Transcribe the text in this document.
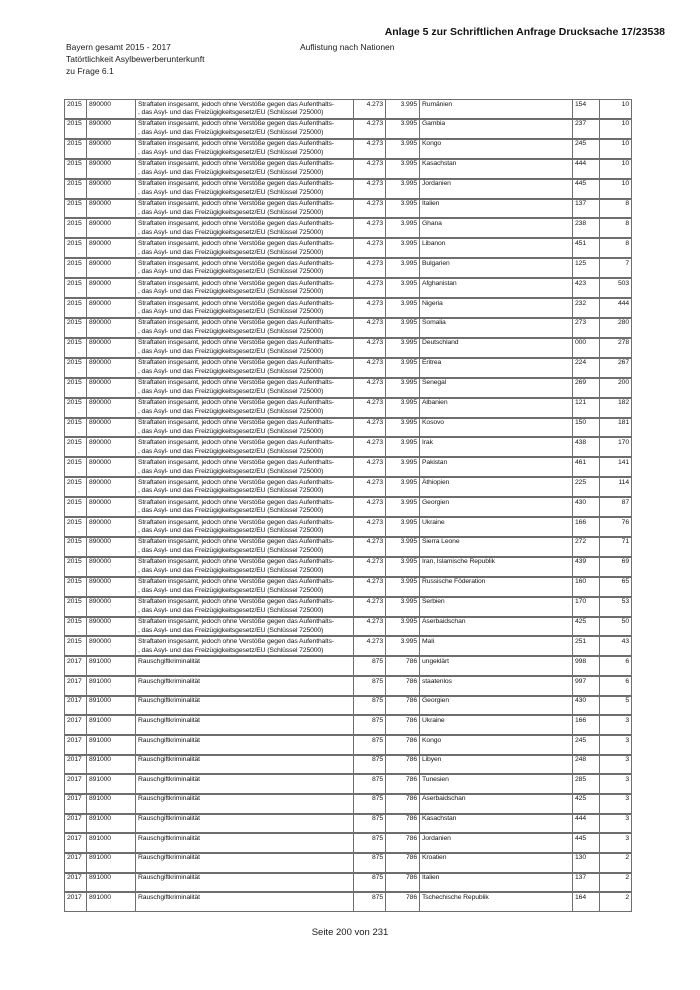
Anlage 5 zur Schriftlichen Anfrage Drucksache 17/23538
Bayern gesamt 2015 - 2017
Tatörtlichkeit Asylbewerberunterkunft
zu Frage 6.1
Auflistung nach Nationen
2015	890000	Straftaten insgesamt, jedoch ohne Verstöße gegen das Aufenthalts-
, das Asyl- und das Freizügigkeitsgesetz/EU (Schlüssel 725000)	4.273	3.995	Rumänien	154	10
2015	890000	Straftaten insgesamt, jedoch ohne Verstöße gegen das Aufenthalts-
, das Asyl- und das Freizügigkeitsgesetz/EU (Schlüssel 725000)	4.273	3.995	Gambia	237	10
2015	890000	Straftaten insgesamt, jedoch ohne Verstöße gegen das Aufenthalts-
, das Asyl- und das Freizügigkeitsgesetz/EU (Schlüssel 725000)	4.273	3.995	Kongo	245	10
2015	890000	Straftaten insgesamt, jedoch ohne Verstöße gegen das Aufenthalts-
, das Asyl- und das Freizügigkeitsgesetz/EU (Schlüssel 725000)	4.273	3.995	Kasachstan	444	10
2015	890000	Straftaten insgesamt, jedoch ohne Verstöße gegen das Aufenthalts-
, das Asyl- und das Freizügigkeitsgesetz/EU (Schlüssel 725000)	4.273	3.995	Jordanien	445	10
2015	890000	Straftaten insgesamt, jedoch ohne Verstöße gegen das Aufenthalts-
, das Asyl- und das Freizügigkeitsgesetz/EU (Schlüssel 725000)	4.273	3.995	Italien	137	8
2015	890000	Straftaten insgesamt, jedoch ohne Verstöße gegen das Aufenthalts-
, das Asyl- und das Freizügigkeitsgesetz/EU (Schlüssel 725000)	4.273	3.995	Ghana	238	8
2015	890000	Straftaten insgesamt, jedoch ohne Verstöße gegen das Aufenthalts-
, das Asyl- und das Freizügigkeitsgesetz/EU (Schlüssel 725000)	4.273	3.995	Libanon	451	8
2015	890000	Straftaten insgesamt, jedoch ohne Verstöße gegen das Aufenthalts-
, das Asyl- und das Freizügigkeitsgesetz/EU (Schlüssel 725000)	4.273	3.995	Bulgarien	125	7
2015	890000	Straftaten insgesamt, jedoch ohne Verstöße gegen das Aufenthalts-
, das Asyl- und das Freizügigkeitsgesetz/EU (Schlüssel 725000)	4.273	3.995	Afghanistan	423	503
2015	890000	Straftaten insgesamt, jedoch ohne Verstöße gegen das Aufenthalts-
, das Asyl- und das Freizügigkeitsgesetz/EU (Schlüssel 725000)	4.273	3.995	Nigeria	232	444
2015	890000	Straftaten insgesamt, jedoch ohne Verstöße gegen das Aufenthalts-
, das Asyl- und das Freizügigkeitsgesetz/EU (Schlüssel 725000)	4.273	3.995	Somalia	273	280
2015	890000	Straftaten insgesamt, jedoch ohne Verstöße gegen das Aufenthalts-
, das Asyl- und das Freizügigkeitsgesetz/EU (Schlüssel 725000)	4.273	3.995	Deutschland	000	278
2015	890000	Straftaten insgesamt, jedoch ohne Verstöße gegen das Aufenthalts-
, das Asyl- und das Freizügigkeitsgesetz/EU (Schlüssel 725000)	4.273	3.995	Eritrea	224	267
2015	890000	Straftaten insgesamt, jedoch ohne Verstöße gegen das Aufenthalts-
, das Asyl- und das Freizügigkeitsgesetz/EU (Schlüssel 725000)	4.273	3.995	Senegal	269	200
2015	890000	Straftaten insgesamt, jedoch ohne Verstöße gegen das Aufenthalts-
, das Asyl- und das Freizügigkeitsgesetz/EU (Schlüssel 725000)	4.273	3.995	Albanien	121	182
2015	890000	Straftaten insgesamt, jedoch ohne Verstöße gegen das Aufenthalts-
, das Asyl- und das Freizügigkeitsgesetz/EU (Schlüssel 725000)	4.273	3.995	Kosovo	150	181
2015	890000	Straftaten insgesamt, jedoch ohne Verstöße gegen das Aufenthalts-
, das Asyl- und das Freizügigkeitsgesetz/EU (Schlüssel 725000)	4.273	3.995	Irak	438	170
2015	890000	Straftaten insgesamt, jedoch ohne Verstöße gegen das Aufenthalts-
, das Asyl- und das Freizügigkeitsgesetz/EU (Schlüssel 725000)	4.273	3.995	Pakistan	461	141
2015	890000	Straftaten insgesamt, jedoch ohne Verstöße gegen das Aufenthalts-
, das Asyl- und das Freizügigkeitsgesetz/EU (Schlüssel 725000)	4.273	3.995	Äthiopien	225	114
2015	890000	Straftaten insgesamt, jedoch ohne Verstöße gegen das Aufenthalts-
, das Asyl- und das Freizügigkeitsgesetz/EU (Schlüssel 725000)	4.273	3.995	Georgien	430	87
2015	890000	Straftaten insgesamt, jedoch ohne Verstöße gegen das Aufenthalts-
, das Asyl- und das Freizügigkeitsgesetz/EU (Schlüssel 725000)	4.273	3.995	Ukraine	166	76
2015	890000	Straftaten insgesamt, jedoch ohne Verstöße gegen das Aufenthalts-
, das Asyl- und das Freizügigkeitsgesetz/EU (Schlüssel 725000)	4.273	3.995	Sierra Leone	272	71
2015	890000	Straftaten insgesamt, jedoch ohne Verstöße gegen das Aufenthalts-
, das Asyl- und das Freizügigkeitsgesetz/EU (Schlüssel 725000)	4.273	3.995	Iran, Islamische Republik	439	69
2015	890000	Straftaten insgesamt, jedoch ohne Verstöße gegen das Aufenthalts-
, das Asyl- und das Freizügigkeitsgesetz/EU (Schlüssel 725000)	4.273	3.995	Russische Föderation	160	65
2015	890000	Straftaten insgesamt, jedoch ohne Verstöße gegen das Aufenthalts-
, das Asyl- und das Freizügigkeitsgesetz/EU (Schlüssel 725000)	4.273	3.995	Serbien	170	53
2015	890000	Straftaten insgesamt, jedoch ohne Verstöße gegen das Aufenthalts-
, das Asyl- und das Freizügigkeitsgesetz/EU (Schlüssel 725000)	4.273	3.995	Aserbaidschan	425	50
2015	890000	Straftaten insgesamt, jedoch ohne Verstöße gegen das Aufenthalts-
, das Asyl- und das Freizügigkeitsgesetz/EU (Schlüssel 725000)	4.273	3.995	Mali	251	43
2017	891000	Rauschgiftkriminalität	875	786	ungeklärt	998	6
2017	891000	Rauschgiftkriminalität	875	786	staatenlos	997	6
2017	891000	Rauschgiftkriminalität	875	786	Georgien	430	5
2017	891000	Rauschgiftkriminalität	875	786	Ukraine	166	3
2017	891000	Rauschgiftkriminalität	875	786	Kongo	245	3
2017	891000	Rauschgiftkriminalität	875	786	Libyen	248	3
2017	891000	Rauschgiftkriminalität	875	786	Tunesien	285	3
2017	891000	Rauschgiftkriminalität	875	786	Aserbaidschan	425	3
2017	891000	Rauschgiftkriminalität	875	786	Kasachstan	444	3
2017	891000	Rauschgiftkriminalität	875	786	Jordanien	445	3
2017	891000	Rauschgiftkriminalität	875	786	Kroatien	130	2
2017	891000	Rauschgiftkriminalität	875	786	Italien	137	2
2017	891000	Rauschgiftkriminalität	875	786	Tschechische Republik	164	2
Seite 200 von 231
